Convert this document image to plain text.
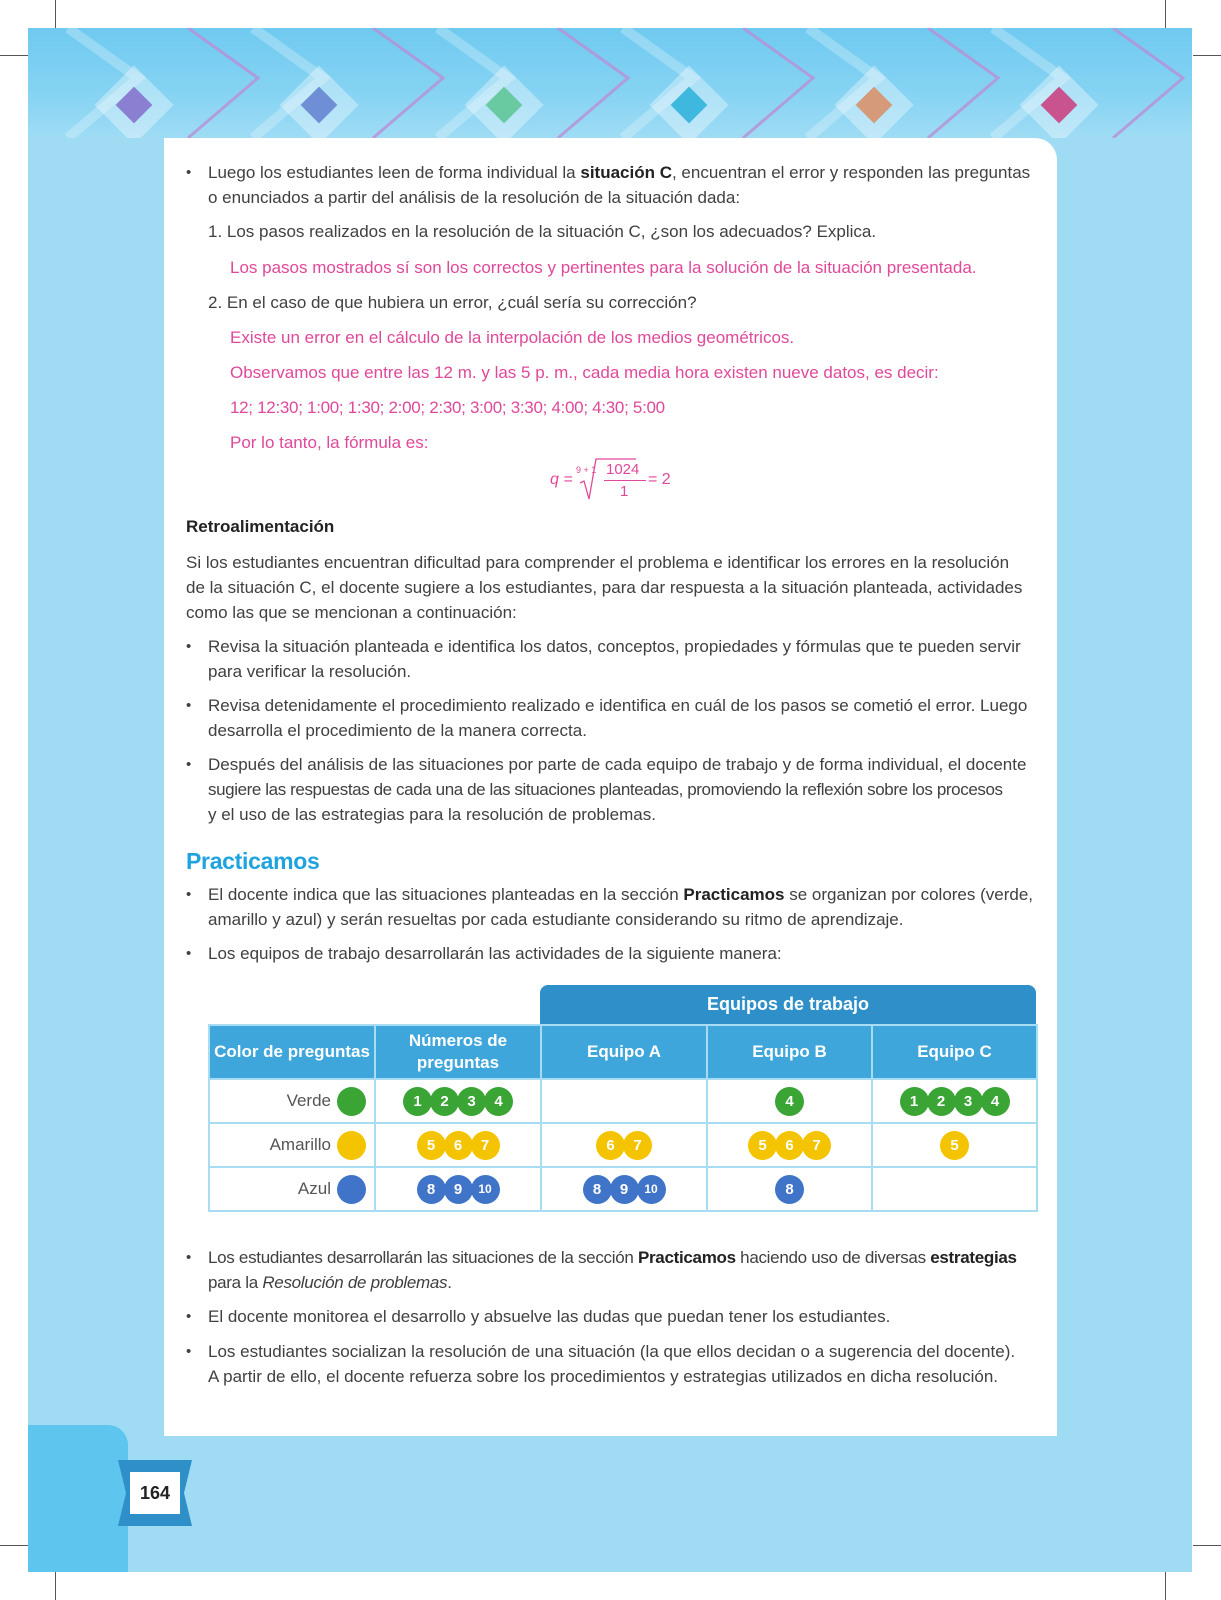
• Luego los estudiantes leen de forma individual la situación C, encuentran el error y responden las preguntas
o enunciados a partir del análisis de la resolución de la situación dada:
1. Los pasos realizados en la resolución de la situación C, ¿son los adecuados? Explica.
Los pasos mostrados sí son los correctos y pertinentes para la solución de la situación presentada.
2. En el caso de que hubiera un error, ¿cuál sería su corrección?
Existe un error en el cálculo de la interpolación de los medios geométricos.
Observamos que entre las 12 m. y las 5 p. m., cada media hora existen nueve datos, es decir:
12; 12:30; 1:00; 1:30; 2:00; 2:30; 3:00; 3:30; 4:00; 4:30; 5:00
Por lo tanto, la fórmula es:
q =
9 + 1 1024
1
= 2
Retroalimentación
Si los estudiantes encuentran dificultad para comprender el problema e identificar los errores en la resolución
de la situación C, el docente sugiere a los estudiantes, para dar respuesta a la situación planteada, actividades
como las que se mencionan a continuación:
• Revisa la situación planteada e identifica los datos, conceptos, propiedades y fórmulas que te pueden servir
para verificar la resolución.
• Revisa detenidamente el procedimiento realizado e identifica en cuál de los pasos se cometió el error. Luego
desarrolla el procedimiento de la manera correcta.
• Después del análisis de las situaciones por parte de cada equipo de trabajo y de forma individual, el docente
sugiere las respuestas de cada una de las situaciones planteadas, promoviendo la reflexión sobre los procesos
y el uso de las estrategias para la resolución de problemas.
Practicamos
• El docente indica que las situaciones planteadas en la sección Practicamos se organizan por colores (verde,
amarillo y azul) y serán resueltas por cada estudiante considerando su ritmo de aprendizaje.
• Los equipos de trabajo desarrollarán las actividades de la siguiente manera:
Equipos de trabajo
Color de preguntas	Números de preguntas	Equipo A	Equipo B	Equipo C
Verde	1 2 3 4		4	1 2 3 4
Amarillo	5 6 7	6 7	5 6 7	5
Azul	8 9 10	8 9 10	8	
• Los estudiantes desarrollarán las situaciones de la sección Practicamos haciendo uso de diversas estrategias
para la Resolución de problemas.
• El docente monitorea el desarrollo y absuelve las dudas que puedan tener los estudiantes.
• Los estudiantes socializan la resolución de una situación (la que ellos decidan o a sugerencia del docente).
A partir de ello, el docente refuerza sobre los procedimientos y estrategias utilizados en dicha resolución.
164
